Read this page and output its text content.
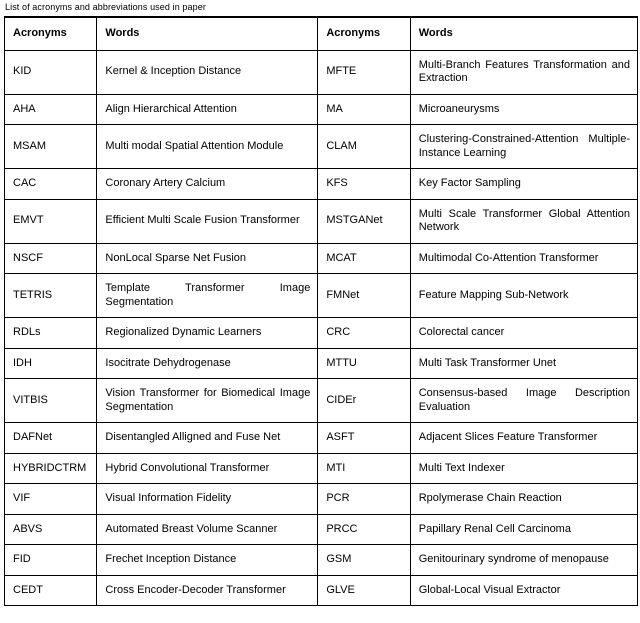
List of acronyms and abbreviations used in paper
Acronyms	Words	Acronyms	Words
KID	Kernel & Inception Distance	MFTE	Multi-Branch Features Transformation and Extraction
AHA	Align Hierarchical Attention	MA	Microaneurysms
MSAM	Multi modal Spatial Attention Module	CLAM	Clustering-Constrained-Attention Multiple-Instance Learning
CAC	Coronary Artery Calcium	KFS	Key Factor Sampling
EMVT	Efficient Multi Scale Fusion Transformer	MSTGANet	Multi Scale Transformer Global Attention Network
NSCF	NonLocal Sparse Net Fusion	MCAT	Multimodal Co-Attention Transformer
TETRIS	Template Transformer Image Segmentation	FMNet	Feature Mapping Sub-Network
RDLs	Regionalized Dynamic Learners	CRC	Colorectal cancer
IDH	Isocitrate Dehydrogenase	MTTU	Multi Task Transformer Unet
VITBIS	Vision Transformer for Biomedical Image Segmentation	CIDEr	Consensus-based Image Description Evaluation
DAFNet	Disentangled Alligned and Fuse Net	ASFT	Adjacent Slices Feature Transformer
HYBRIDCTRM	Hybrid Convolutional Transformer	MTI	Multi Text Indexer
VIF	Visual Information Fidelity	PCR	Rpolymerase Chain Reaction
ABVS	Automated Breast Volume Scanner	PRCC	Papillary Renal Cell Carcinoma
FID	Frechet Inception Distance	GSM	Genitourinary syndrome of menopause
CEDT	Cross Encoder-Decoder Transformer	GLVE	Global-Local Visual Extractor
